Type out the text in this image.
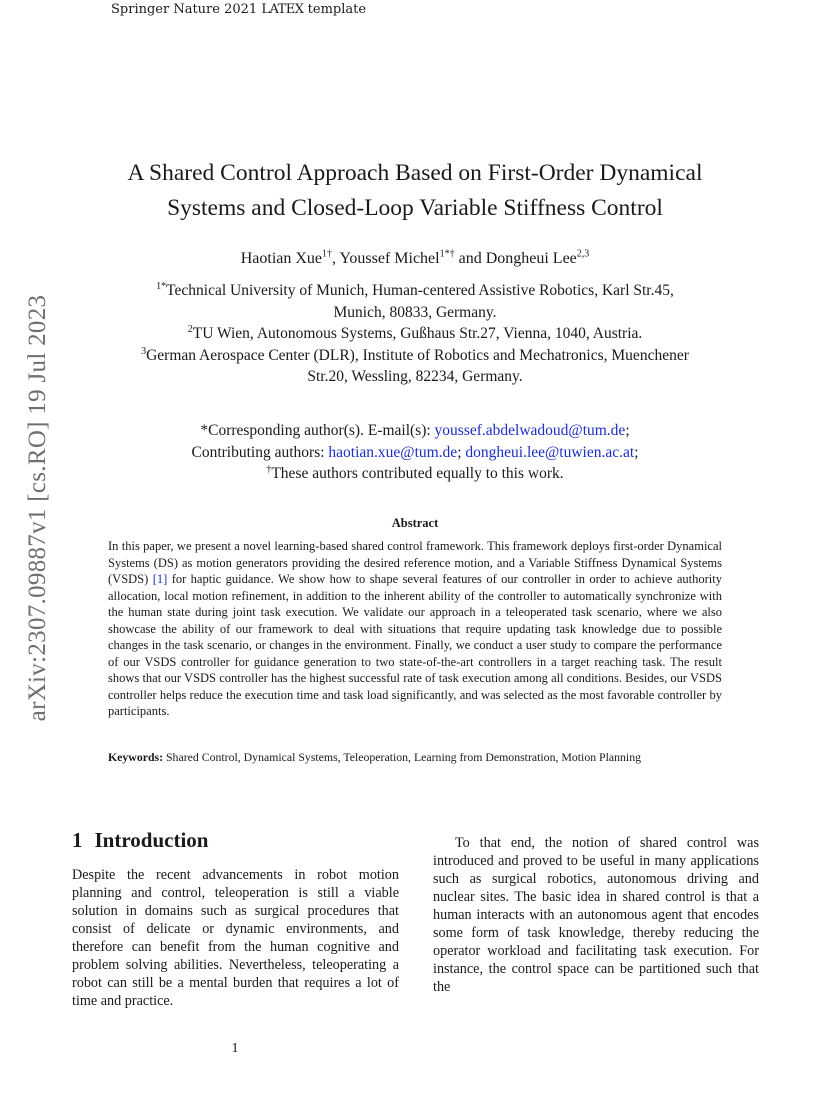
Springer Nature 2021 LATEX template
arXiv:2307.09887v1 [cs.RO] 19 Jul 2023
A Shared Control Approach Based on First-Order Dynamical
Systems and Closed-Loop Variable Stiffness Control
Haotian Xue$^{1\dagger}$, Youssef Michel$^{1*\dagger}$ and Dongheui Lee$^{2,3}$
$^{1*}$Technical University of Munich, Human-centered Assistive Robotics, Karl Str.45,
Munich, 80833, Germany.
$^2$TU Wien, Autonomous Systems, Gußhaus Str.27, Vienna, 1040, Austria.
$^3$German Aerospace Center (DLR), Institute of Robotics and Mechatronics, Muenchener
Str.20, Wessling, 82234, Germany.
*Corresponding author(s). E-mail(s): youssef.abdelwadoud@tum.de;
Contributing authors: haotian.xue@tum.de; dongheui.lee@tuwien.ac.at;
†These authors contributed equally to this work.
Abstract
In this paper, we present a novel learning-based shared control framework. This framework deploys first-order Dynamical Systems (DS) as motion generators providing the desired reference motion, and a Variable Stiffness Dynamical Systems (VSDS) [1] for haptic guidance. We show how to shape several features of our controller in order to achieve authority allocation, local motion refinement, in addition to the inherent ability of the controller to automatically synchronize with the human state during joint task execution. We validate our approach in a teleoperated task scenario, where we also showcase the ability of our framework to deal with situations that require updating task knowledge due to possible changes in the task scenario, or changes in the environment. Finally, we conduct a user study to compare the performance of our VSDS controller for guidance generation to two state-of-the-art controllers in a target reaching task. The result shows that our VSDS controller has the highest successful rate of task execution among all conditions. Besides, our VSDS controller helps reduce the execution time and task load significantly, and was selected as the most favorable controller by participants.
Keywords: Shared Control, Dynamical Systems, Teleoperation, Learning from Demonstration, Motion Planning
1 Introduction
Despite the recent advancements in robot motion planning and control, teleoperation is still a viable solution in domains such as surgical procedures that consist of delicate or dynamic environments, and therefore can benefit from the human cognitive and problem solving abilities. Nevertheless, teleoperating a robot can still be a mental burden that requires a lot of time and practice.
To that end, the notion of shared control was introduced and proved to be useful in many applications such as surgical robotics, autonomous driving and nuclear sites. The basic idea in shared control is that a human interacts with an autonomous agent that encodes some form of task knowledge, thereby reducing the operator workload and facilitating task execution. For instance, the control space can be partitioned such that the
1
